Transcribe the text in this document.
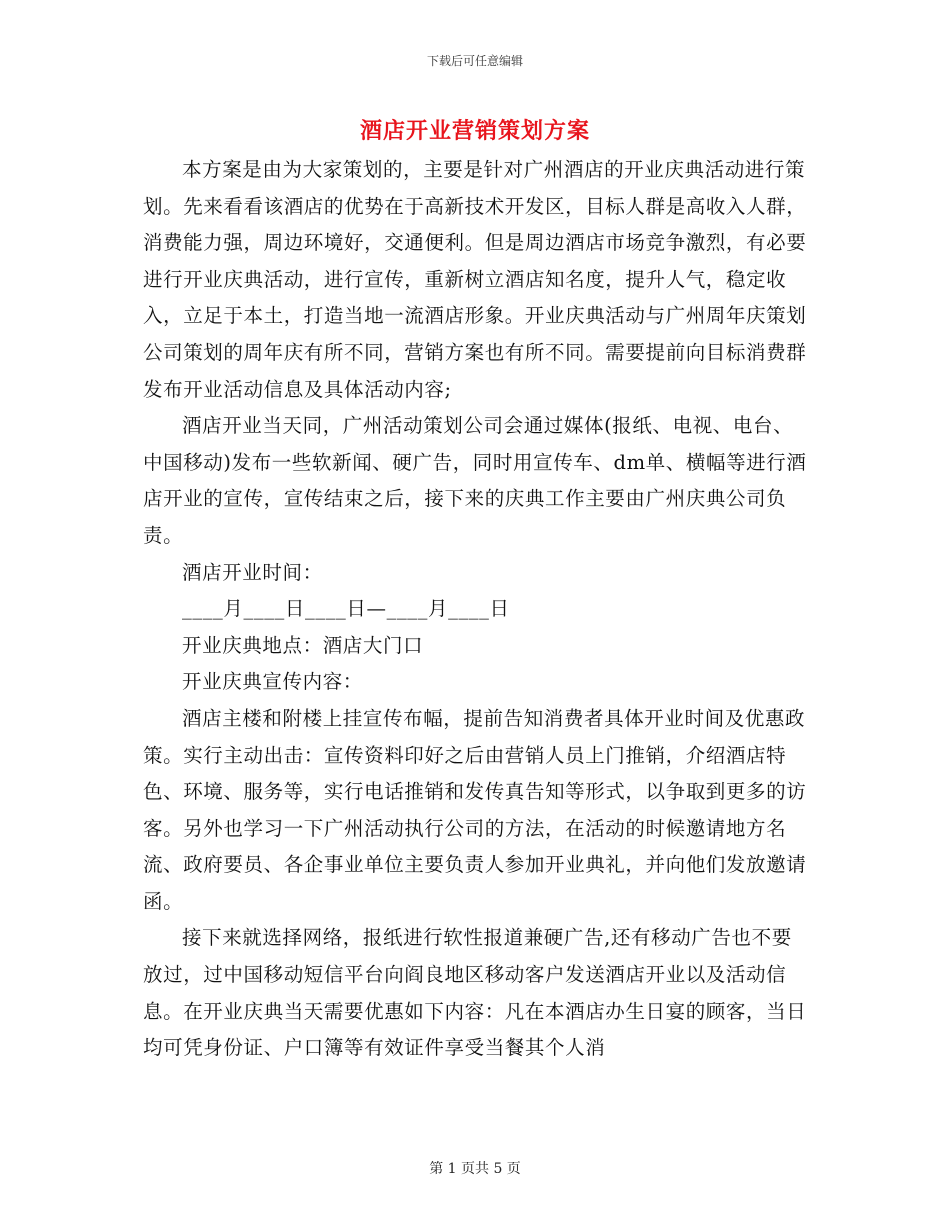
下载后可任意编辑
酒店开业营销策划方案

本方案是由为大家策划的，主要是针对广州酒店的开业庆典活动进行策划。先来看看该酒店的优势在于高新技术开发区，目标人群是高收入人群，消费能力强，周边环境好，交通便利。但是周边酒店市场竞争激烈，有必要进行开业庆典活动，进行宣传，重新树立酒店知名度，提升人气，稳定收入，立足于本土，打造当地一流酒店形象。开业庆典活动与广州周年庆策划公司策划的周年庆有所不同，营销方案也有所不同。需要提前向目标消费群发布开业活动信息及具体活动内容;

酒店开业当天同，广州活动策划公司会通过媒体(报纸、电视、电台、中国移动)发布一些软新闻、硬广告，同时用宣传车、dm单、横幅等进行酒店开业的宣传，宣传结束之后，接下来的庆典工作主要由广州庆典公司负责。

酒店开业时间：

____月____日____日—____月____日

开业庆典地点：酒店大门口

开业庆典宣传内容：

酒店主楼和附楼上挂宣传布幅，提前告知消费者具体开业时间及优惠政策。实行主动出击：宣传资料印好之后由营销人员上门推销，介绍酒店特色、环境、服务等，实行电话推销和发传真告知等形式，以争取到更多的访客。另外也学习一下广州活动执行公司的方法，在活动的时候邀请地方名流、政府要员、各企事业单位主要负责人参加开业典礼，并向他们发放邀请函。

接下来就选择网络，报纸进行软性报道兼硬广告,还有移动广告也不要放过，过中国移动短信平台向阎良地区移动客户发送酒店开业以及活动信息。在开业庆典当天需要优惠如下内容：凡在本酒店办生日宴的顾客，当日均可凭身份证、户口簿等有效证件享受当餐其个人消

第 1 页共 5 页
